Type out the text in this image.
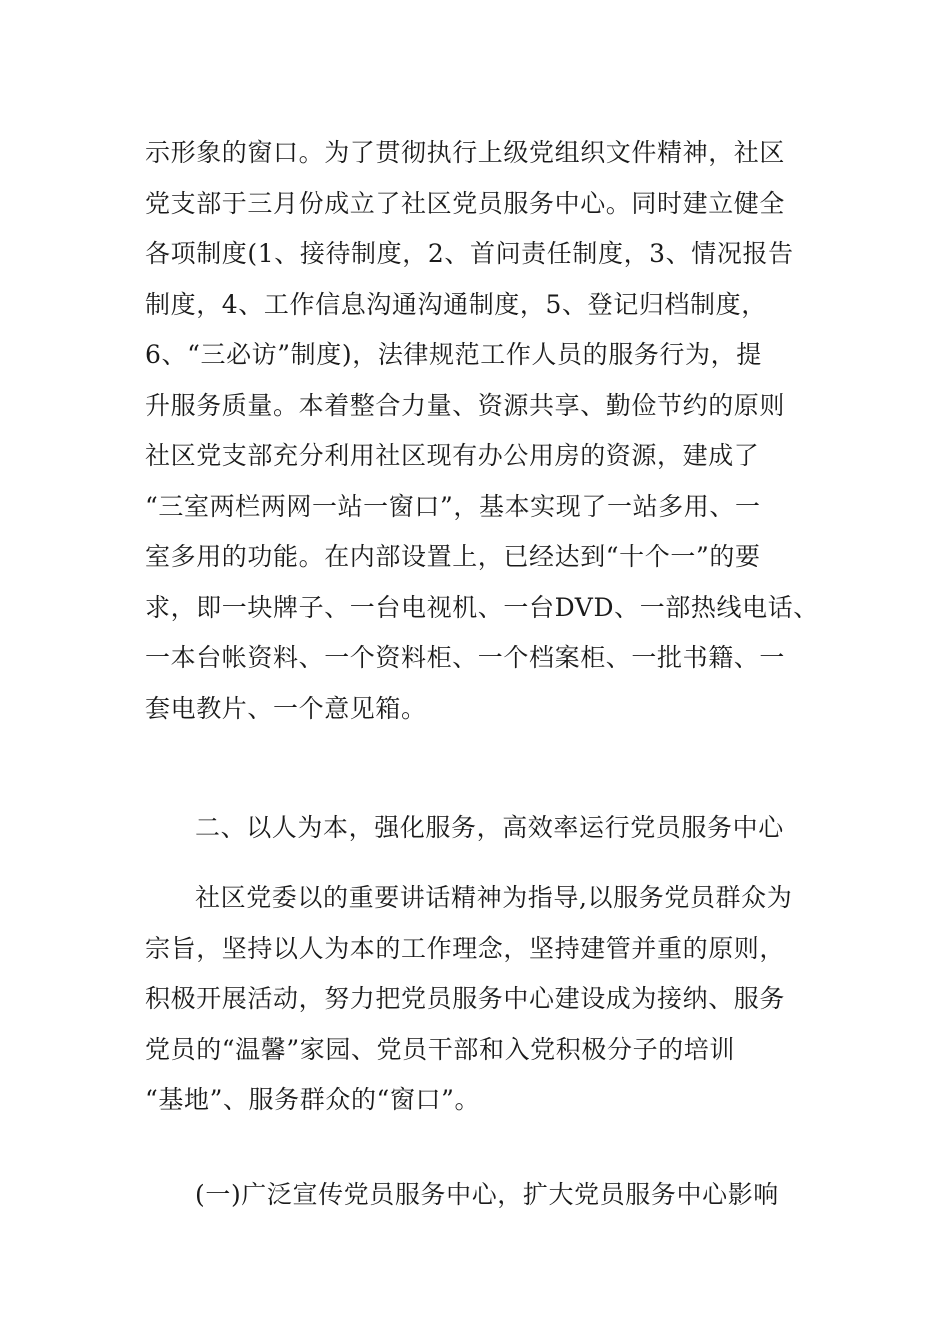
示形象的窗口。为了贯彻执行上级党组织文件精神，社区
党支部于三月份成立了社区党员服务中心。同时建立健全
各项制度(1、接待制度，2、首问责任制度，3、情况报告
制度，4、工作信息沟通沟通制度，5、登记归档制度，
6、“三必访”制度)，法律规范工作人员的服务行为，提
升服务质量。本着整合力量、资源共享、勤俭节约的原则
社区党支部充分利用社区现有办公用房的资源，建成了
“三室两栏两网一站一窗口”，基本实现了一站多用、一
室多用的功能。在内部设置上，已经达到“十个一”的要
求，即一块牌子、一台电视机、一台DVD、一部热线电话、
一本台帐资料、一个资料柜、一个档案柜、一批书籍、一
套电教片、一个意见箱。
二、以人为本，强化服务，高效率运行党员服务中心
社区党委以的重要讲话精神为指导,以服务党员群众为
宗旨，坚持以人为本的工作理念，坚持建管并重的原则，
积极开展活动，努力把党员服务中心建设成为接纳、服务
党员的“温馨”家园、党员干部和入党积极分子的培训
“基地”、服务群众的“窗口”。
(一)广泛宣传党员服务中心，扩大党员服务中心影响
